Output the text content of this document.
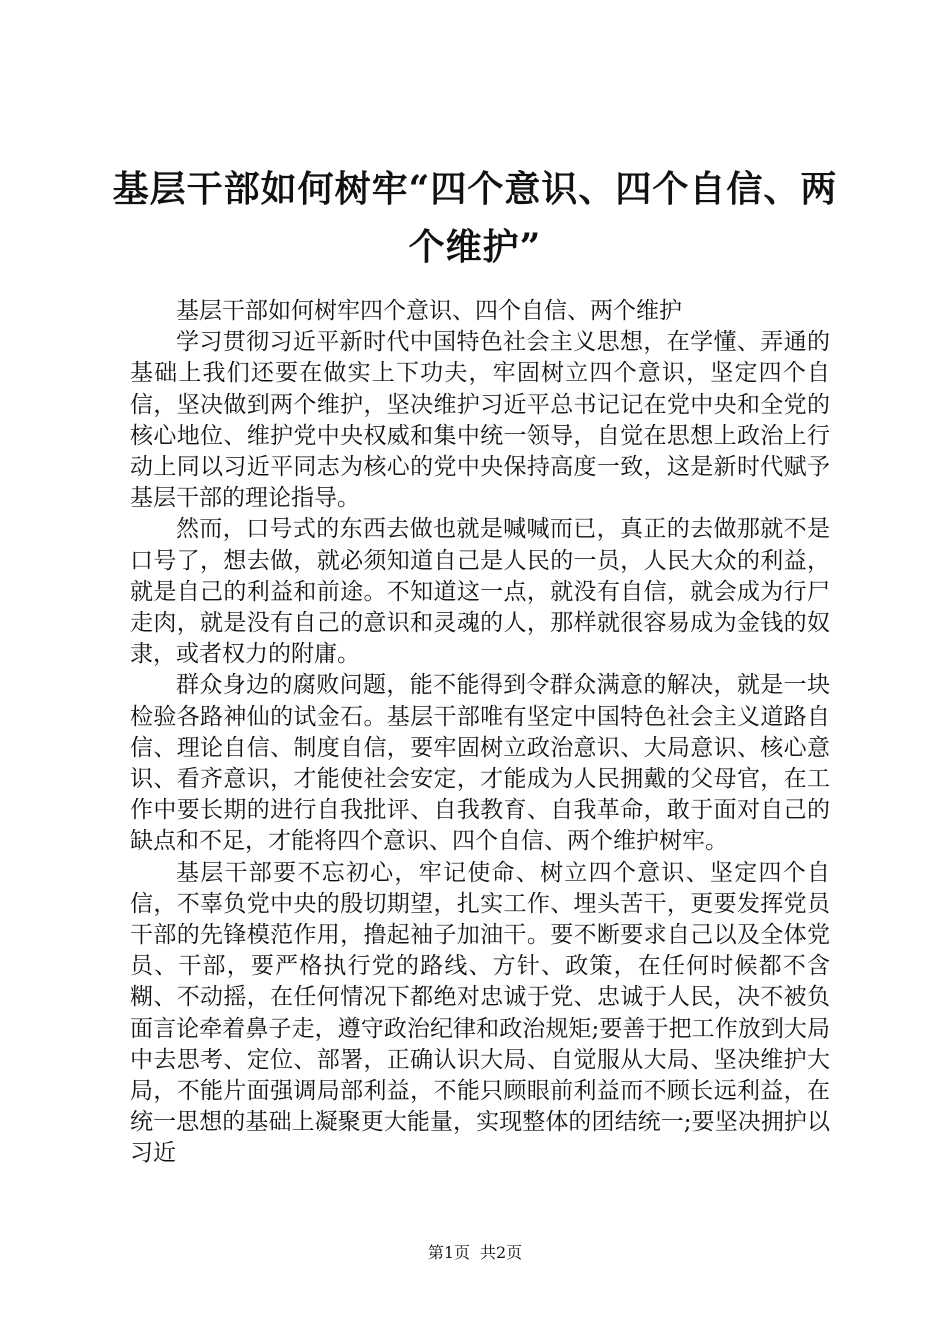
基层干部如何树牢“四个意识、四个自信、两个维护”

基层干部如何树牢四个意识、四个自信、两个维护

学习贯彻习近平新时代中国特色社会主义思想，在学懂、弄通的基础上我们还要在做实上下功夫，牢固树立四个意识，坚定四个自信，坚决做到两个维护，坚决维护习近平总书记记在党中央和全党的核心地位、维护党中央权威和集中统一领导，自觉在思想上政治上行动上同以习近平同志为核心的党中央保持高度一致，这是新时代赋予基层干部的理论指导。

然而，口号式的东西去做也就是喊喊而已，真正的去做那就不是口号了，想去做，就必须知道自己是人民的一员，人民大众的利益，就是自己的利益和前途。不知道这一点，就没有自信，就会成为行尸走肉，就是没有自己的意识和灵魂的人，那样就很容易成为金钱的奴隶，或者权力的附庸。

群众身边的腐败问题，能不能得到令群众满意的解决，就是一块检验各路神仙的试金石。基层干部唯有坚定中国特色社会主义道路自信、理论自信、制度自信，要牢固树立政治意识、大局意识、核心意识、看齐意识，才能使社会安定，才能成为人民拥戴的父母官，在工作中要长期的进行自我批评、自我教育、自我革命，敢于面对自己的缺点和不足，才能将四个意识、四个自信、两个维护树牢。

基层干部要不忘初心，牢记使命、树立四个意识、坚定四个自信，不辜负党中央的殷切期望，扎实工作、埋头苦干，更要发挥党员干部的先锋模范作用，撸起袖子加油干。要不断要求自己以及全体党员、干部，要严格执行党的路线、方针、政策，在任何时候都不含糊、不动摇，在任何情况下都绝对忠诚于党、忠诚于人民，决不被负面言论牵着鼻子走，遵守政治纪律和政治规矩;要善于把工作放到大局中去思考、定位、部署，正确认识大局、自觉服从大局、坚决维护大局，不能片面强调局部利益，不能只顾眼前利益而不顾长远利益，在统一思想的基础上凝聚更大能量，实现整体的团结统一;要坚决拥护以习近

第1页 共2页
